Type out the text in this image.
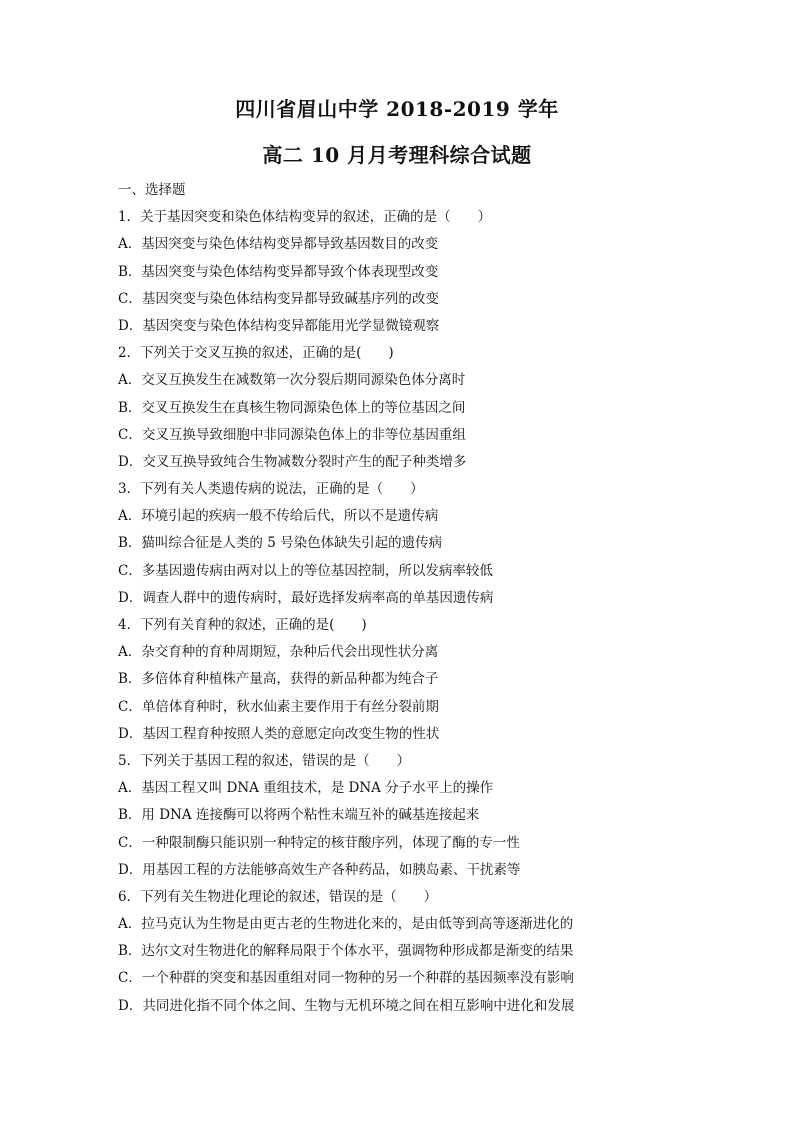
四川省眉山中学 2018-2019 学年
高二 10 月月考理科综合试题
一、选择题
1．关于基因突变和染色体结构变异的叙述，正确的是（　　）
A．基因突变与染色体结构变异都导致基因数目的改变
B．基因突变与染色体结构变异都导致个体表现型改变
C．基因突变与染色体结构变异都导致碱基序列的改变
D．基因突变与染色体结构变异都能用光学显微镜观察
2．下列关于交叉互换的叙述，正确的是(　　)
A．交叉互换发生在减数第一次分裂后期同源染色体分离时
B．交叉互换发生在真核生物同源染色体上的等位基因之间
C．交叉互换导致细胞中非同源染色体上的非等位基因重组
D．交叉互换导致纯合生物减数分裂时产生的配子种类增多
3．下列有关人类遗传病的说法，正确的是（　　）
A．环境引起的疾病一般不传给后代，所以不是遗传病
B．猫叫综合征是人类的 5 号染色体缺失引起的遗传病
C．多基因遗传病由两对以上的等位基因控制，所以发病率较低
D．调查人群中的遗传病时，最好选择发病率高的单基因遗传病
4．下列有关育种的叙述，正确的是(　　)
A．杂交育种的育种周期短，杂种后代会出现性状分离
B．多倍体育种植株产量高，获得的新品种都为纯合子
C．单倍体育种时，秋水仙素主要作用于有丝分裂前期
D．基因工程育种按照人类的意愿定向改变生物的性状
5．下列关于基因工程的叙述，错误的是（　　）
A．基因工程又叫 DNA 重组技术，是 DNA 分子水平上的操作
B．用 DNA 连接酶可以将两个粘性末端互补的碱基连接起来
C．一种限制酶只能识别一种特定的核苷酸序列，体现了酶的专一性
D．用基因工程的方法能够高效生产各种药品，如胰岛素、干扰素等
6．下列有关生物进化理论的叙述，错误的是（　　）
A．拉马克认为生物是由更古老的生物进化来的，是由低等到高等逐渐进化的
B．达尔文对生物进化的解释局限于个体水平，强调物种形成都是渐变的结果
C．一个种群的突变和基因重组对同一物种的另一个种群的基因频率没有影响
D．共同进化指不同个体之间、生物与无机环境之间在相互影响中进化和发展
